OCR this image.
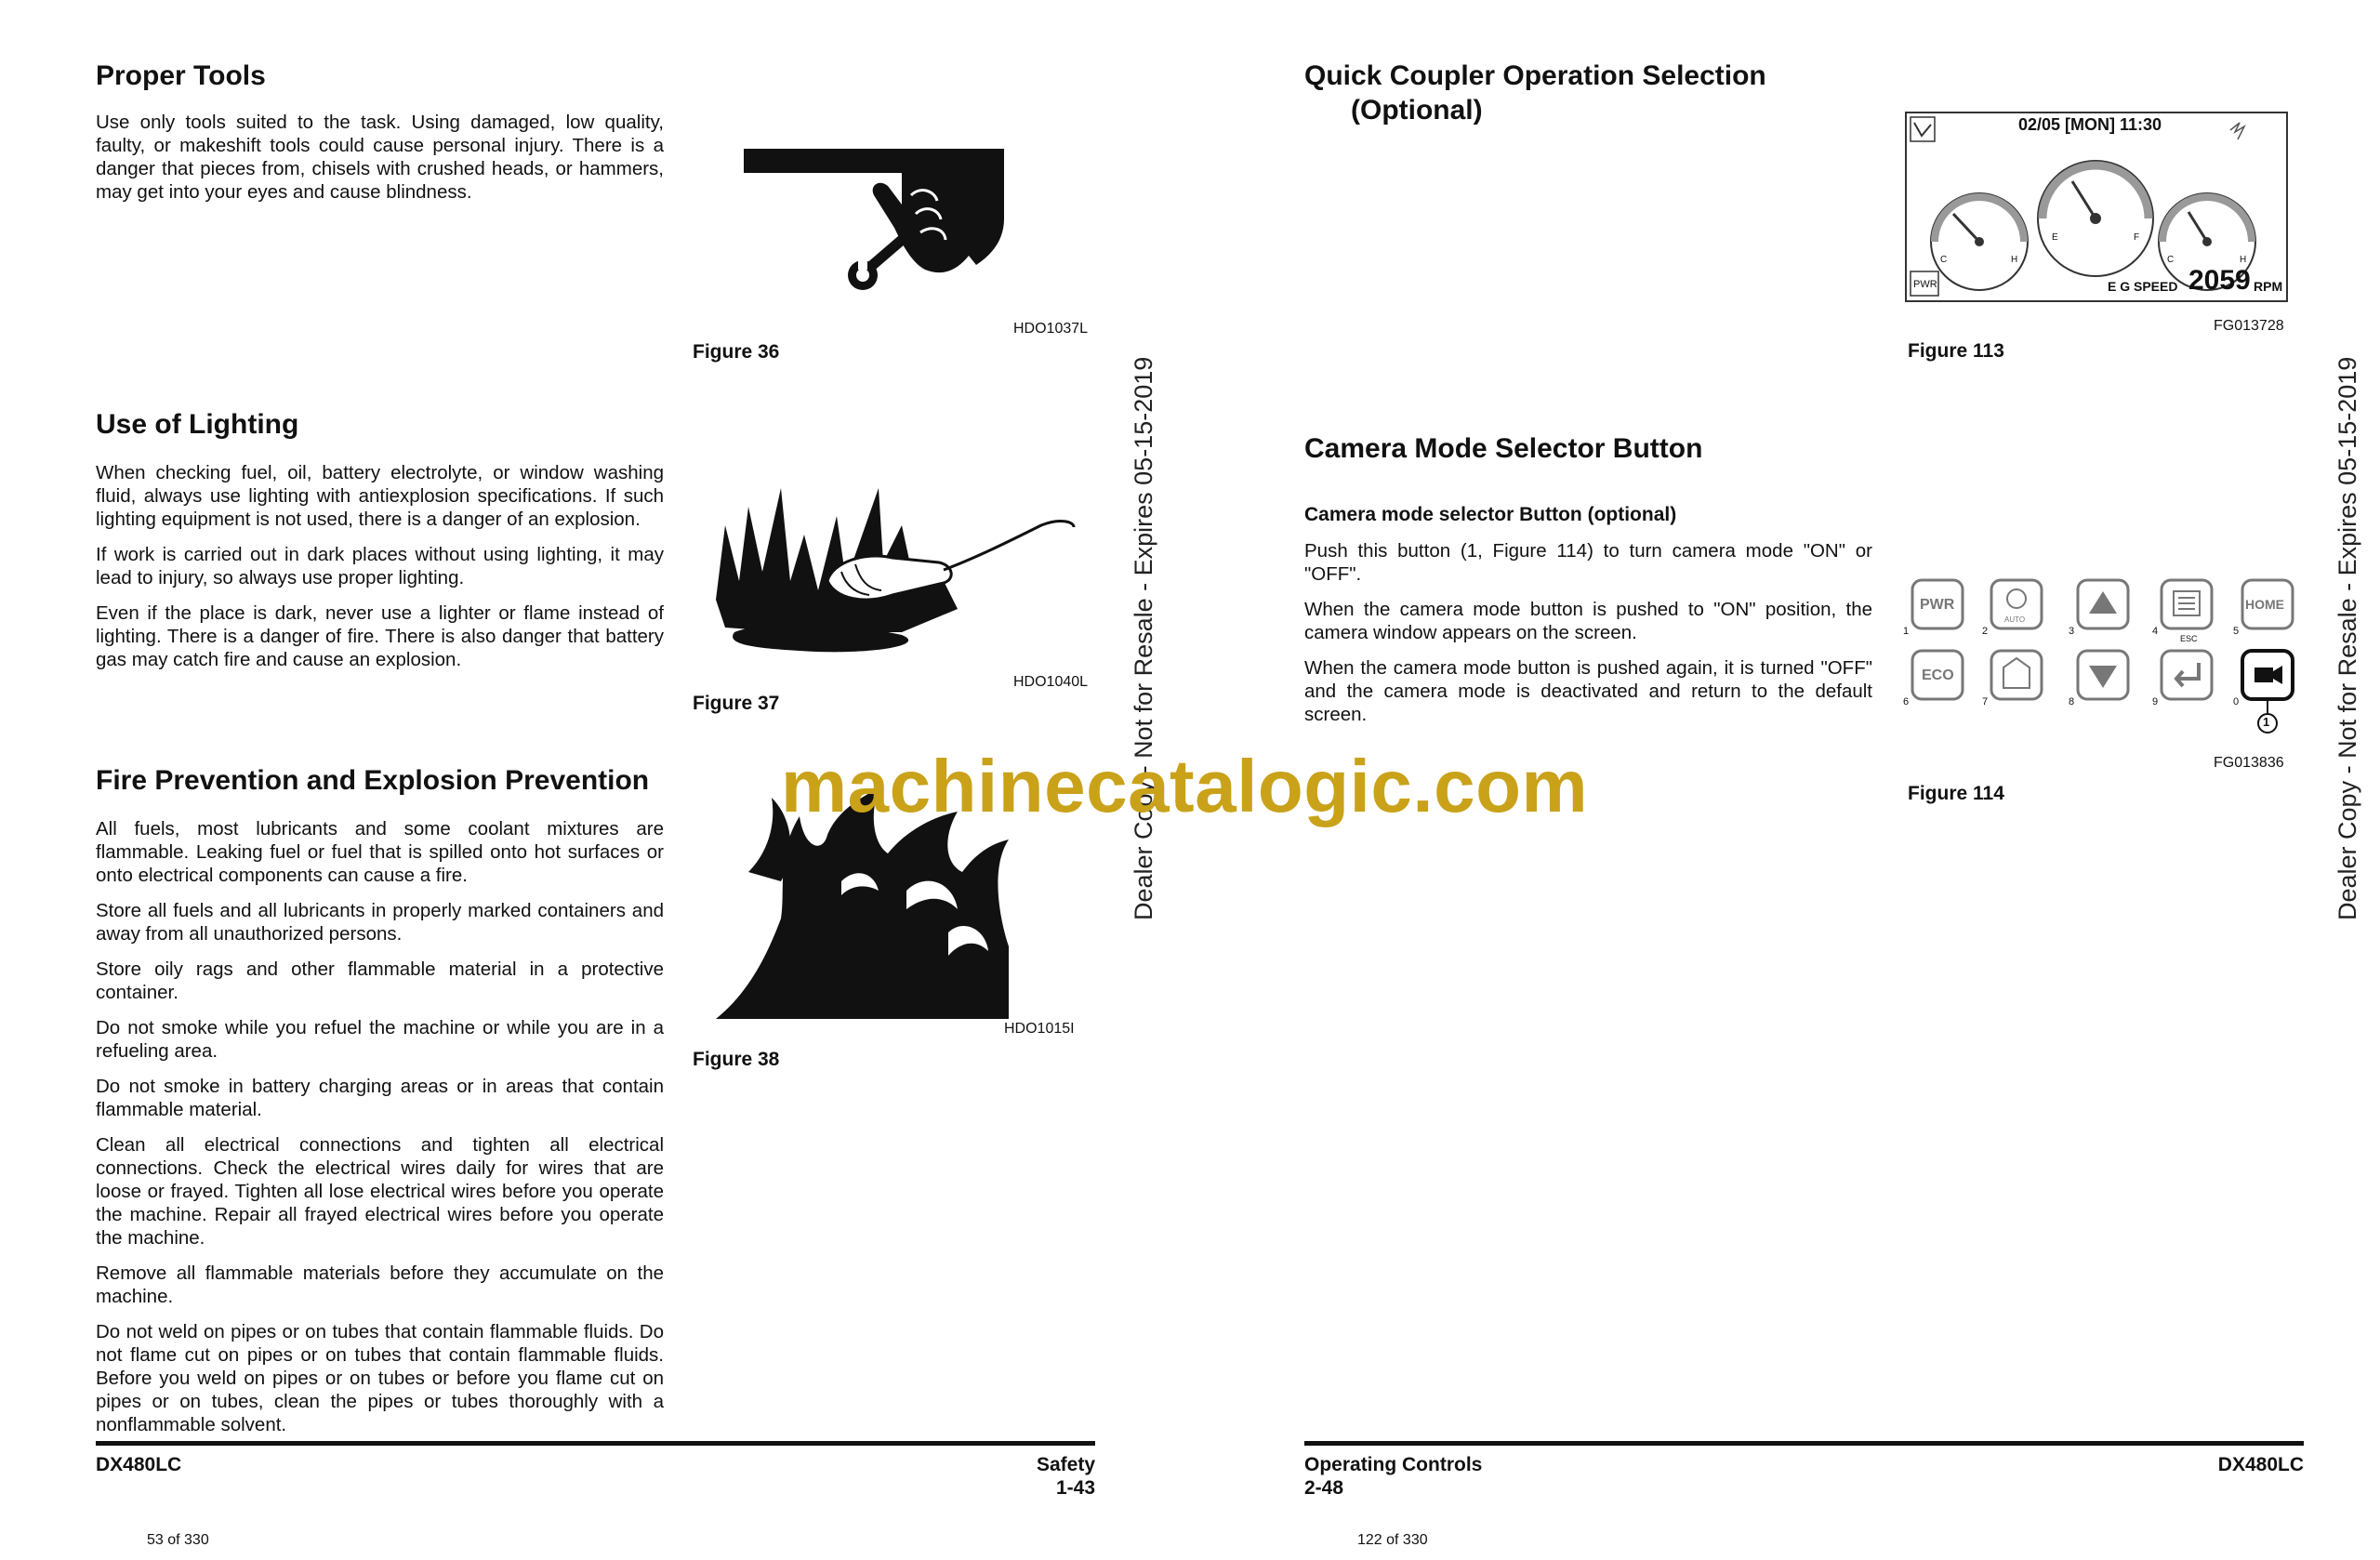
Proper Tools

Use only tools suited to the task. Using damaged, low quality, faulty, or makeshift tools could cause personal injury. There is a danger that pieces from, chisels with crushed heads, or hammers, may get into your eyes and cause blindness.

HDO1037L
Figure 36
Use of Lighting

When checking fuel, oil, battery electrolyte, or window washing fluid, always use lighting with antiexplosion specifications. If such lighting equipment is not used, there is a danger of an explosion.

If work is carried out in dark places without using lighting, it may lead to injury, so always use proper lighting.

Even if the place is dark, never use a lighter or flame instead of lighting. There is a danger of fire. There is also danger that battery gas may catch fire and cause an explosion.

HDO1040L
Figure 37
Fire Prevention and Explosion Prevention

All fuels, most lubricants and some coolant mixtures are flammable. Leaking fuel or fuel that is spilled onto hot surfaces or onto electrical components can cause a fire.

Store all fuels and all lubricants in properly marked containers and away from all unauthorized persons.

Store oily rags and other flammable material in a protective container.

Do not smoke while you refuel the machine or while you are in a refueling area.

Do not smoke in battery charging areas or in areas that contain flammable material.

Clean all electrical connections and tighten all electrical connections. Check the electrical wires daily for wires that are loose or frayed. Tighten all lose electrical wires before you operate the machine. Repair all frayed electrical wires before you operate the machine.

Remove all flammable materials before they accumulate on the machine.

Do not weld on pipes or on tubes that contain flammable fluids. Do not flame cut on pipes or on tubes that contain flammable fluids. Before you weld on pipes or on tubes or before you flame cut on pipes or on tubes, clean the pipes or tubes thoroughly with a nonflammable solvent.

HDO1015I
Figure 38
DX480LC	Safety
1-43
53 of 330
Dealer Copy - Not for Resale - Expires 05-15-2019
Quick Coupler Operation Selection
(Optional)	02/05 [MON] 11:30
PWR
C	H
E	F
C	H
E G SPEED 2059 RPM
FG013728
Figure 113
Camera Mode Selector Button
Camera mode selector Button (optional)

Push this button (1, Figure 114) to turn camera mode "ON" or "OFF".

When the camera mode button is pushed to "ON" position, the camera window appears on the screen.

When the camera mode button is pushed again, it is turned "OFF" and the camera mode is deactivated and return to the default screen.

PWR
AUTO
ESC
HOME
ECO
1	2	3	4	5
6	7	8	9	0
1
FG013836
Figure 114
Operating Controls
2-48
DX480LC
122 of 330
Dealer Copy - Not for Resale - Expires 05-15-2019
machinecatalogic.com
